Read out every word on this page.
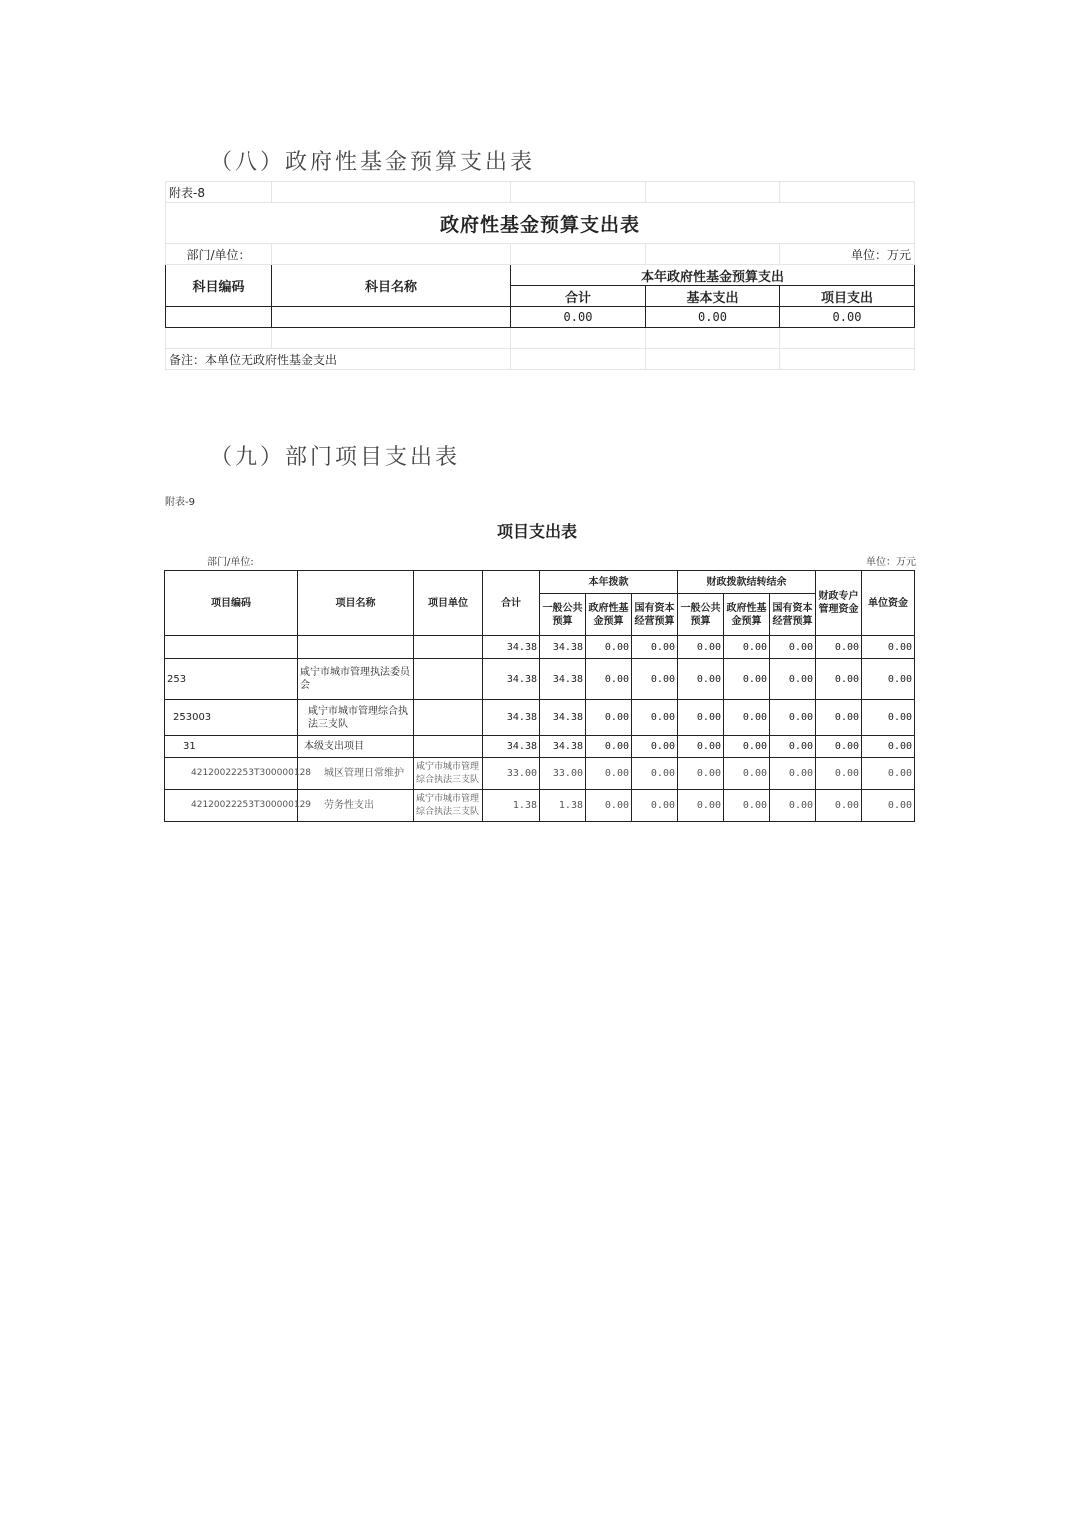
（八）政府性基金预算支出表
附表-8				
政府性基金预算支出表				
部门/单位：				单位：万元
科目编码	科目名称	本年政府性基金预算支出		
		合计	基本支出	项目支出
		0.00	0.00	0.00

备注：本单位无政府性基金支出				
（九）部门项目支出表
附表-9
项目支出表
部门/单位:	单位：万元
项目编码	项目名称	项目单位	合计	本年拨款			财政拨款结转结余			财政专户管理资金	单位资金
				一般公共预算	政府性基金预算	国有资本经营预算	一般公共预算	政府性基金预算	国有资本经营预算		
			34.38	34.38	0.00	0.00	0.00	0.00	0.00	0.00	0.00
253	咸宁市城市管理执法委员会		34.38	34.38	0.00	0.00	0.00	0.00	0.00	0.00	0.00
253003	咸宁市城市管理综合执法三支队		34.38	34.38	0.00	0.00	0.00	0.00	0.00	0.00	0.00
31	本级支出项目		34.38	34.38	0.00	0.00	0.00	0.00	0.00	0.00	0.00
42120022253T300000128	城区管理日常维护	咸宁市城市管理综合执法三支队	33.00	33.00	0.00	0.00	0.00	0.00	0.00	0.00	0.00
42120022253T300000129	劳务性支出	咸宁市城市管理综合执法三支队	1.38	1.38	0.00	0.00	0.00	0.00	0.00	0.00	0.00
